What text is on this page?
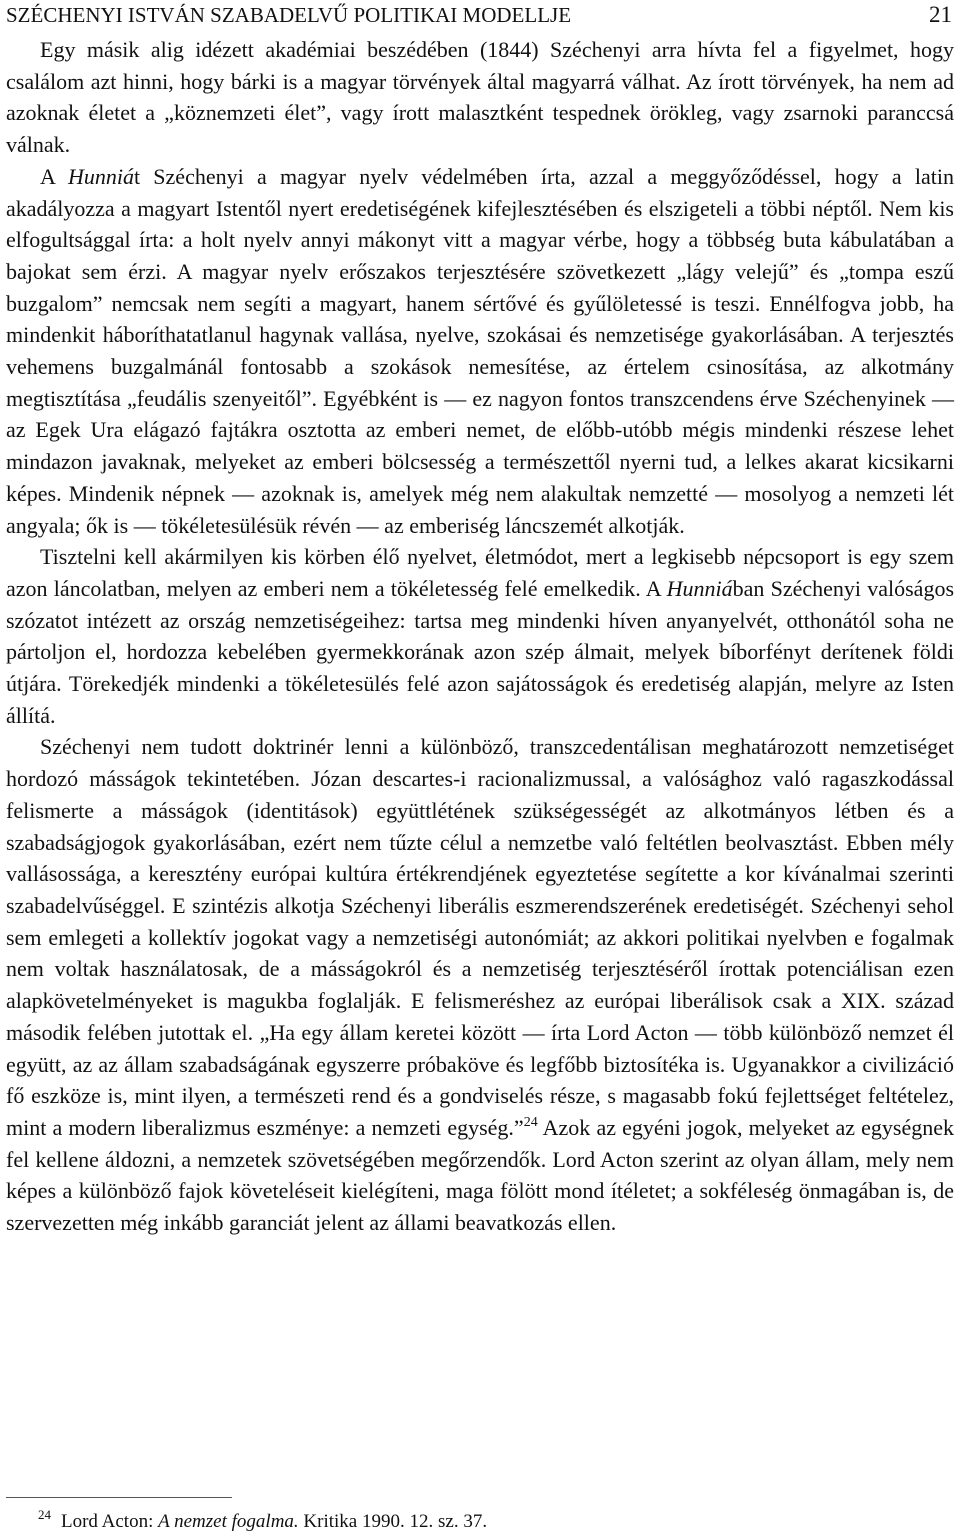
SZÉCHENYI ISTVÁN SZABADELVŰ POLITIKAI MODELLJE	21

Egy másik alig idézett akadémiai beszédében (1844) Széchenyi arra hívta fel a figyelmet, hogy csalálom azt hinni, hogy bárki is a magyar törvények által magyarrá válhat. Az írott törvények, ha nem ad azoknak életet a „köznemzeti élet”, vagy írott malasztként tespednek örökleg, vagy zsarnoki paranccsá válnak.

A Hunniát Széchenyi a magyar nyelv védelmében írta, azzal a meggyőződéssel, hogy a latin akadályozza a magyart Istentől nyert eredetiségének kifejlesztésében és elszigeteli a többi néptől. Nem kis elfogultsággal írta: a holt nyelv annyi mákonyt vitt a magyar vérbe, hogy a többség buta kábulatában a bajokat sem érzi. A magyar nyelv erőszakos terjesztésére szövetkezett „lágy velejű” és „tompa eszű buzgalom” nemcsak nem segíti a magyart, hanem sértővé és gyűlöletessé is teszi. Ennélfogva jobb, ha mindenkit háboríthatatlanul hagynak vallása, nyelve, szokásai és nemzetisége gyakorlásában. A terjesztés vehemens buzgalmánál fontosabb a szokások nemesítése, az értelem csinosítása, az alkotmány megtisztítása „feudális szenyeitől”. Egyébként is — ez nagyon fontos transzcendens érve Széchenyinek — az Egek Ura elágazó fajtákra osztotta az emberi nemet, de előbb-utóbb mégis mindenki részese lehet mindazon javaknak, melyeket az emberi bölcsesség a természettől nyerni tud, a lelkes akarat kicsikarni képes. Mindenik népnek — azoknak is, amelyek még nem alakultak nemzetté — mosolyog a nemzeti lét angyala; ők is — tökéletesülésük révén — az emberiség láncszemét alkotják.

Tisztelni kell akármilyen kis körben élő nyelvet, életmódot, mert a legkisebb népcsoport is egy szem azon láncolatban, melyen az emberi nem a tökéletesség felé emelkedik. A Hunniában Széchenyi valóságos szózatot intézett az ország nemzetiségeihez: tartsa meg mindenki híven anyanyelvét, otthonától soha ne pártoljon el, hordozza kebelében gyermekkorának azon szép álmait, melyek bíborfényt derítenek földi útjára. Törekedjék mindenki a tökéletesülés felé azon sajátosságok és eredetiség alapján, melyre az Isten állítá.

Széchenyi nem tudott doktrinér lenni a különböző, transzcedentálisan meghatározott nemzetiséget hordozó másságok tekintetében. Józan descartes-i racionalizmussal, a valósághoz való ragaszkodással felismerte a másságok (identitások) együttlétének szükségességét az alkotmányos létben és a szabadságjogok gyakorlásában, ezért nem tűzte célul a nemzetbe való feltétlen beolvasztást. Ebben mély vallásossága, a keresztény európai kultúra értékrendjének egyeztetése segítette a kor kívánalmai szerinti szabadelvűséggel. E szintézis alkotja Széchenyi liberális eszmerendszerének eredetiségét. Széchenyi sehol sem emlegeti a kollektív jogokat vagy a nemzetiségi autonómiát; az akkori politikai nyelvben e fogalmak nem voltak használatosak, de a másságokról és a nemzetiség terjesztéséről írottak potenciálisan ezen alapkövetelményeket is magukba foglalják. E felismeréshez az európai liberálisok csak a XIX. század második felében jutottak el. „Ha egy állam keretei között — írta Lord Acton — több különböző nemzet él együtt, az az állam szabadságának egyszerre próbaköve és legfőbb biztosítéka is. Ugyanakkor a civilizáció fő eszköze is, mint ilyen, a természeti rend és a gondviselés része, s magasabb fokú fejlettséget feltételez, mint a modern liberalizmus eszménye: a nemzeti egység.”$^{24}$ Azok az egyéni jogok, melyeket az egységnek fel kellene áldozni, a nemzetek szövetségében megőrzendők. Lord Acton szerint az olyan állam, mely nem képes a különböző fajok követeléseit kielégíteni, maga fölött mond ítéletet; a sokféleség önmagában is, de szervezetten még inkább garanciát jelent az állami beavatkozás ellen.

$^{24}$ Lord Acton: A nemzet fogalma. Kritika 1990. 12. sz. 37.
